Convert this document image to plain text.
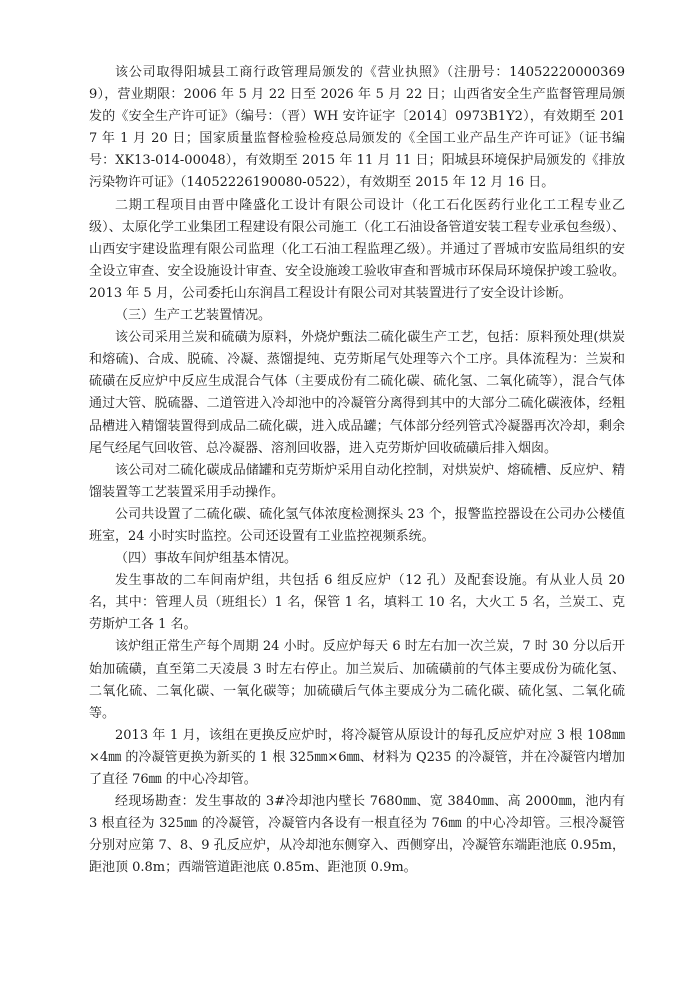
该公司取得阳城县工商行政管理局颁发的《营业执照》（注册号：140522200003699），营业期限：2006 年 5 月 22 日至 2026 年 5 月 22 日；山西省安全生产监督管理局颁发的《安全生产许可证》（编号：（晋）WH 安许证字〔2014〕0973B1Y2），有效期至 2017 年 1 月 20 日；国家质量监督检验检疫总局颁发的《全国工业产品生产许可证》（证书编号：XK13-014-00048），有效期至 2015 年 11 月 11 日；阳城县环境保护局颁发的《排放污染物许可证》（14052226190080-0522），有效期至 2015 年 12 月 16 日。

二期工程项目由晋中隆盛化工设计有限公司设计（化工石化医药行业化工工程专业乙级）、太原化学工业集团工程建设有限公司施工（化工石油设备管道安装工程专业承包叁级）、山西安宇建设监理有限公司监理（化工石油工程监理乙级）。并通过了晋城市安监局组织的安全设立审查、安全设施设计审查、安全设施竣工验收审查和晋城市环保局环境保护竣工验收。2013 年 5 月，公司委托山东润昌工程设计有限公司对其装置进行了安全设计诊断。

（三）生产工艺装置情况。

该公司采用兰炭和硫磺为原料，外烧炉甄法二硫化碳生产工艺，包括：原料预处理(烘炭和熔硫)、合成、脱硫、冷凝、蒸馏提纯、克劳斯尾气处理等六个工序。具体流程为：兰炭和硫磺在反应炉中反应生成混合气体（主要成份有二硫化碳、硫化氢、二氧化硫等），混合气体通过大管、脱硫器、二道管进入冷却池中的冷凝管分离得到其中的大部分二硫化碳液体，经粗品槽进入精馏装置得到成品二硫化碳，进入成品罐；气体部分经列管式冷凝器再次冷却，剩余尾气经尾气回收管、总冷凝器、溶剂回收器，进入克劳斯炉回收硫磺后排入烟囱。

该公司对二硫化碳成品储罐和克劳斯炉采用自动化控制，对烘炭炉、熔硫槽、反应炉、精馏装置等工艺装置采用手动操作。

公司共设置了二硫化碳、硫化氢气体浓度检测探头 23 个，报警监控器设在公司办公楼值班室，24 小时实时监控。公司还设置有工业监控视频系统。

（四）事故车间炉组基本情况。

发生事故的二车间南炉组，共包括 6 组反应炉（12 孔）及配套设施。有从业人员 20 名，其中：管理人员（班组长）1 名，保管 1 名，填料工 10 名，大火工 5 名，兰炭工、克劳斯炉工各 1 名。

该炉组正常生产每个周期 24 小时。反应炉每天 6 时左右加一次兰炭，7 时 30 分以后开始加硫磺，直至第二天凌晨 3 时左右停止。加兰炭后、加硫磺前的气体主要成份为硫化氢、二氧化硫、二氧化碳、一氧化碳等；加硫磺后气体主要成分为二硫化碳、硫化氢、二氧化硫等。

2013 年 1 月，该组在更换反应炉时，将冷凝管从原设计的每孔反应炉对应 3 根 108㎜×4㎜ 的冷凝管更换为新买的 1 根 325㎜×6㎜、材料为 Q235 的冷凝管，并在冷凝管内增加了直径 76㎜ 的中心冷却管。

经现场勘查：发生事故的 3#冷却池内壁长 7680㎜、宽 3840㎜、高 2000㎜，池内有 3 根直径为 325㎜ 的冷凝管，冷凝管内各设有一根直径为 76㎜ 的中心冷却管。三根冷凝管分别对应第 7、8、9 孔反应炉，从冷却池东侧穿入、西侧穿出，冷凝管东端距池底 0.95m，距池顶 0.8m；西端管道距池底 0.85m、距池顶 0.9m。
